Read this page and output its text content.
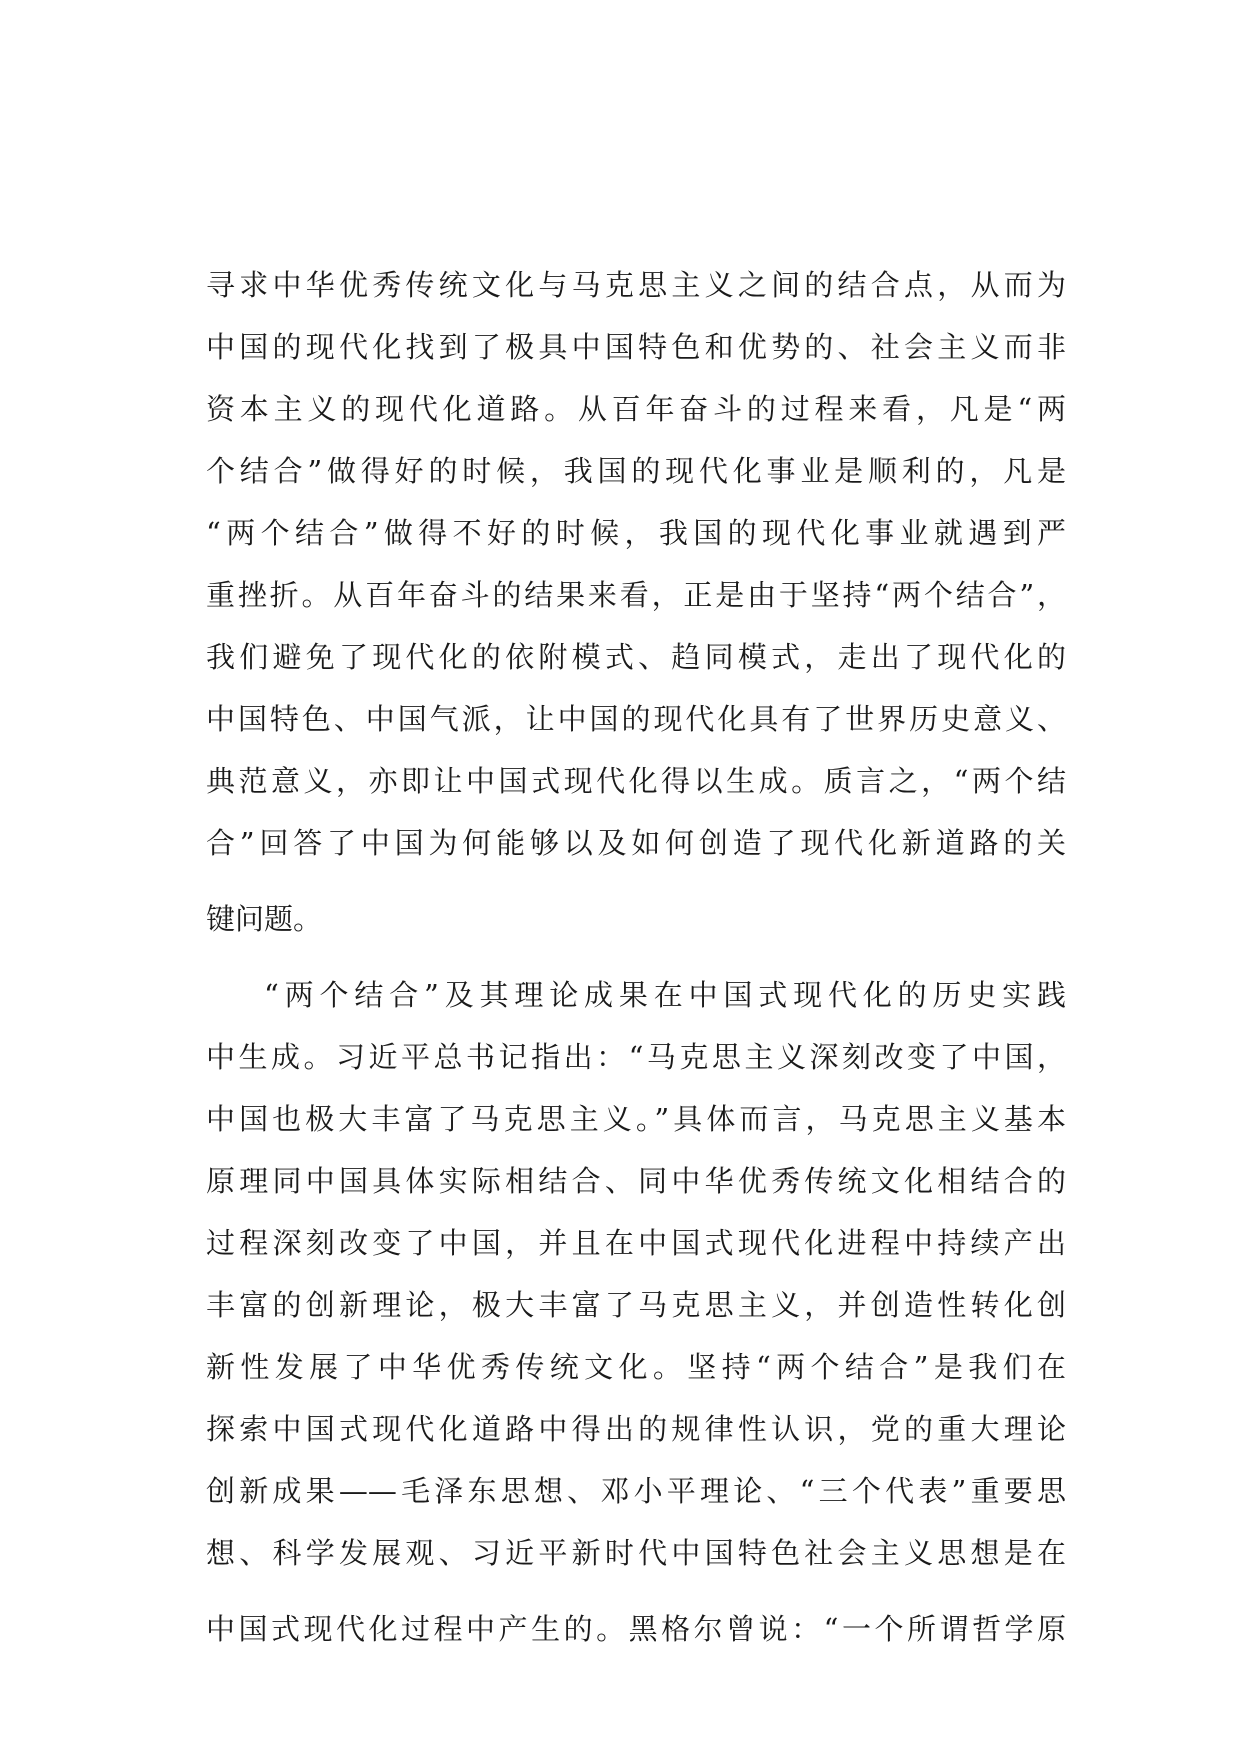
寻求中华优秀传统文化与马克思主义之间的结合点，从而为
中国的现代化找到了极具中国特色和优势的、社会主义而非
资本主义的现代化道路。从百年奋斗的过程来看，凡是“两
个结合”做得好的时候，我国的现代化事业是顺利的，凡是
“两个结合”做得不好的时候，我国的现代化事业就遇到严
重挫折。从百年奋斗的结果来看，正是由于坚持“两个结合”，
我们避免了现代化的依附模式、趋同模式，走出了现代化的
中国特色、中国气派，让中国的现代化具有了世界历史意义、
典范意义，亦即让中国式现代化得以生成。质言之，“两个结
合”回答了中国为何能够以及如何创造了现代化新道路的关
键问题。
“两个结合”及其理论成果在中国式现代化的历史实践
中生成。习近平总书记指出：“马克思主义深刻改变了中国，
中国也极大丰富了马克思主义。”具体而言，马克思主义基本
原理同中国具体实际相结合、同中华优秀传统文化相结合的
过程深刻改变了中国，并且在中国式现代化进程中持续产出
丰富的创新理论，极大丰富了马克思主义，并创造性转化创
新性发展了中华优秀传统文化。坚持“两个结合”是我们在
探索中国式现代化道路中得出的规律性认识，党的重大理论
创新成果——毛泽东思想、邓小平理论、“三个代表”重要思
想、科学发展观、习近平新时代中国特色社会主义思想是在
中国式现代化过程中产生的。黑格尔曾说：“一个所谓哲学原
